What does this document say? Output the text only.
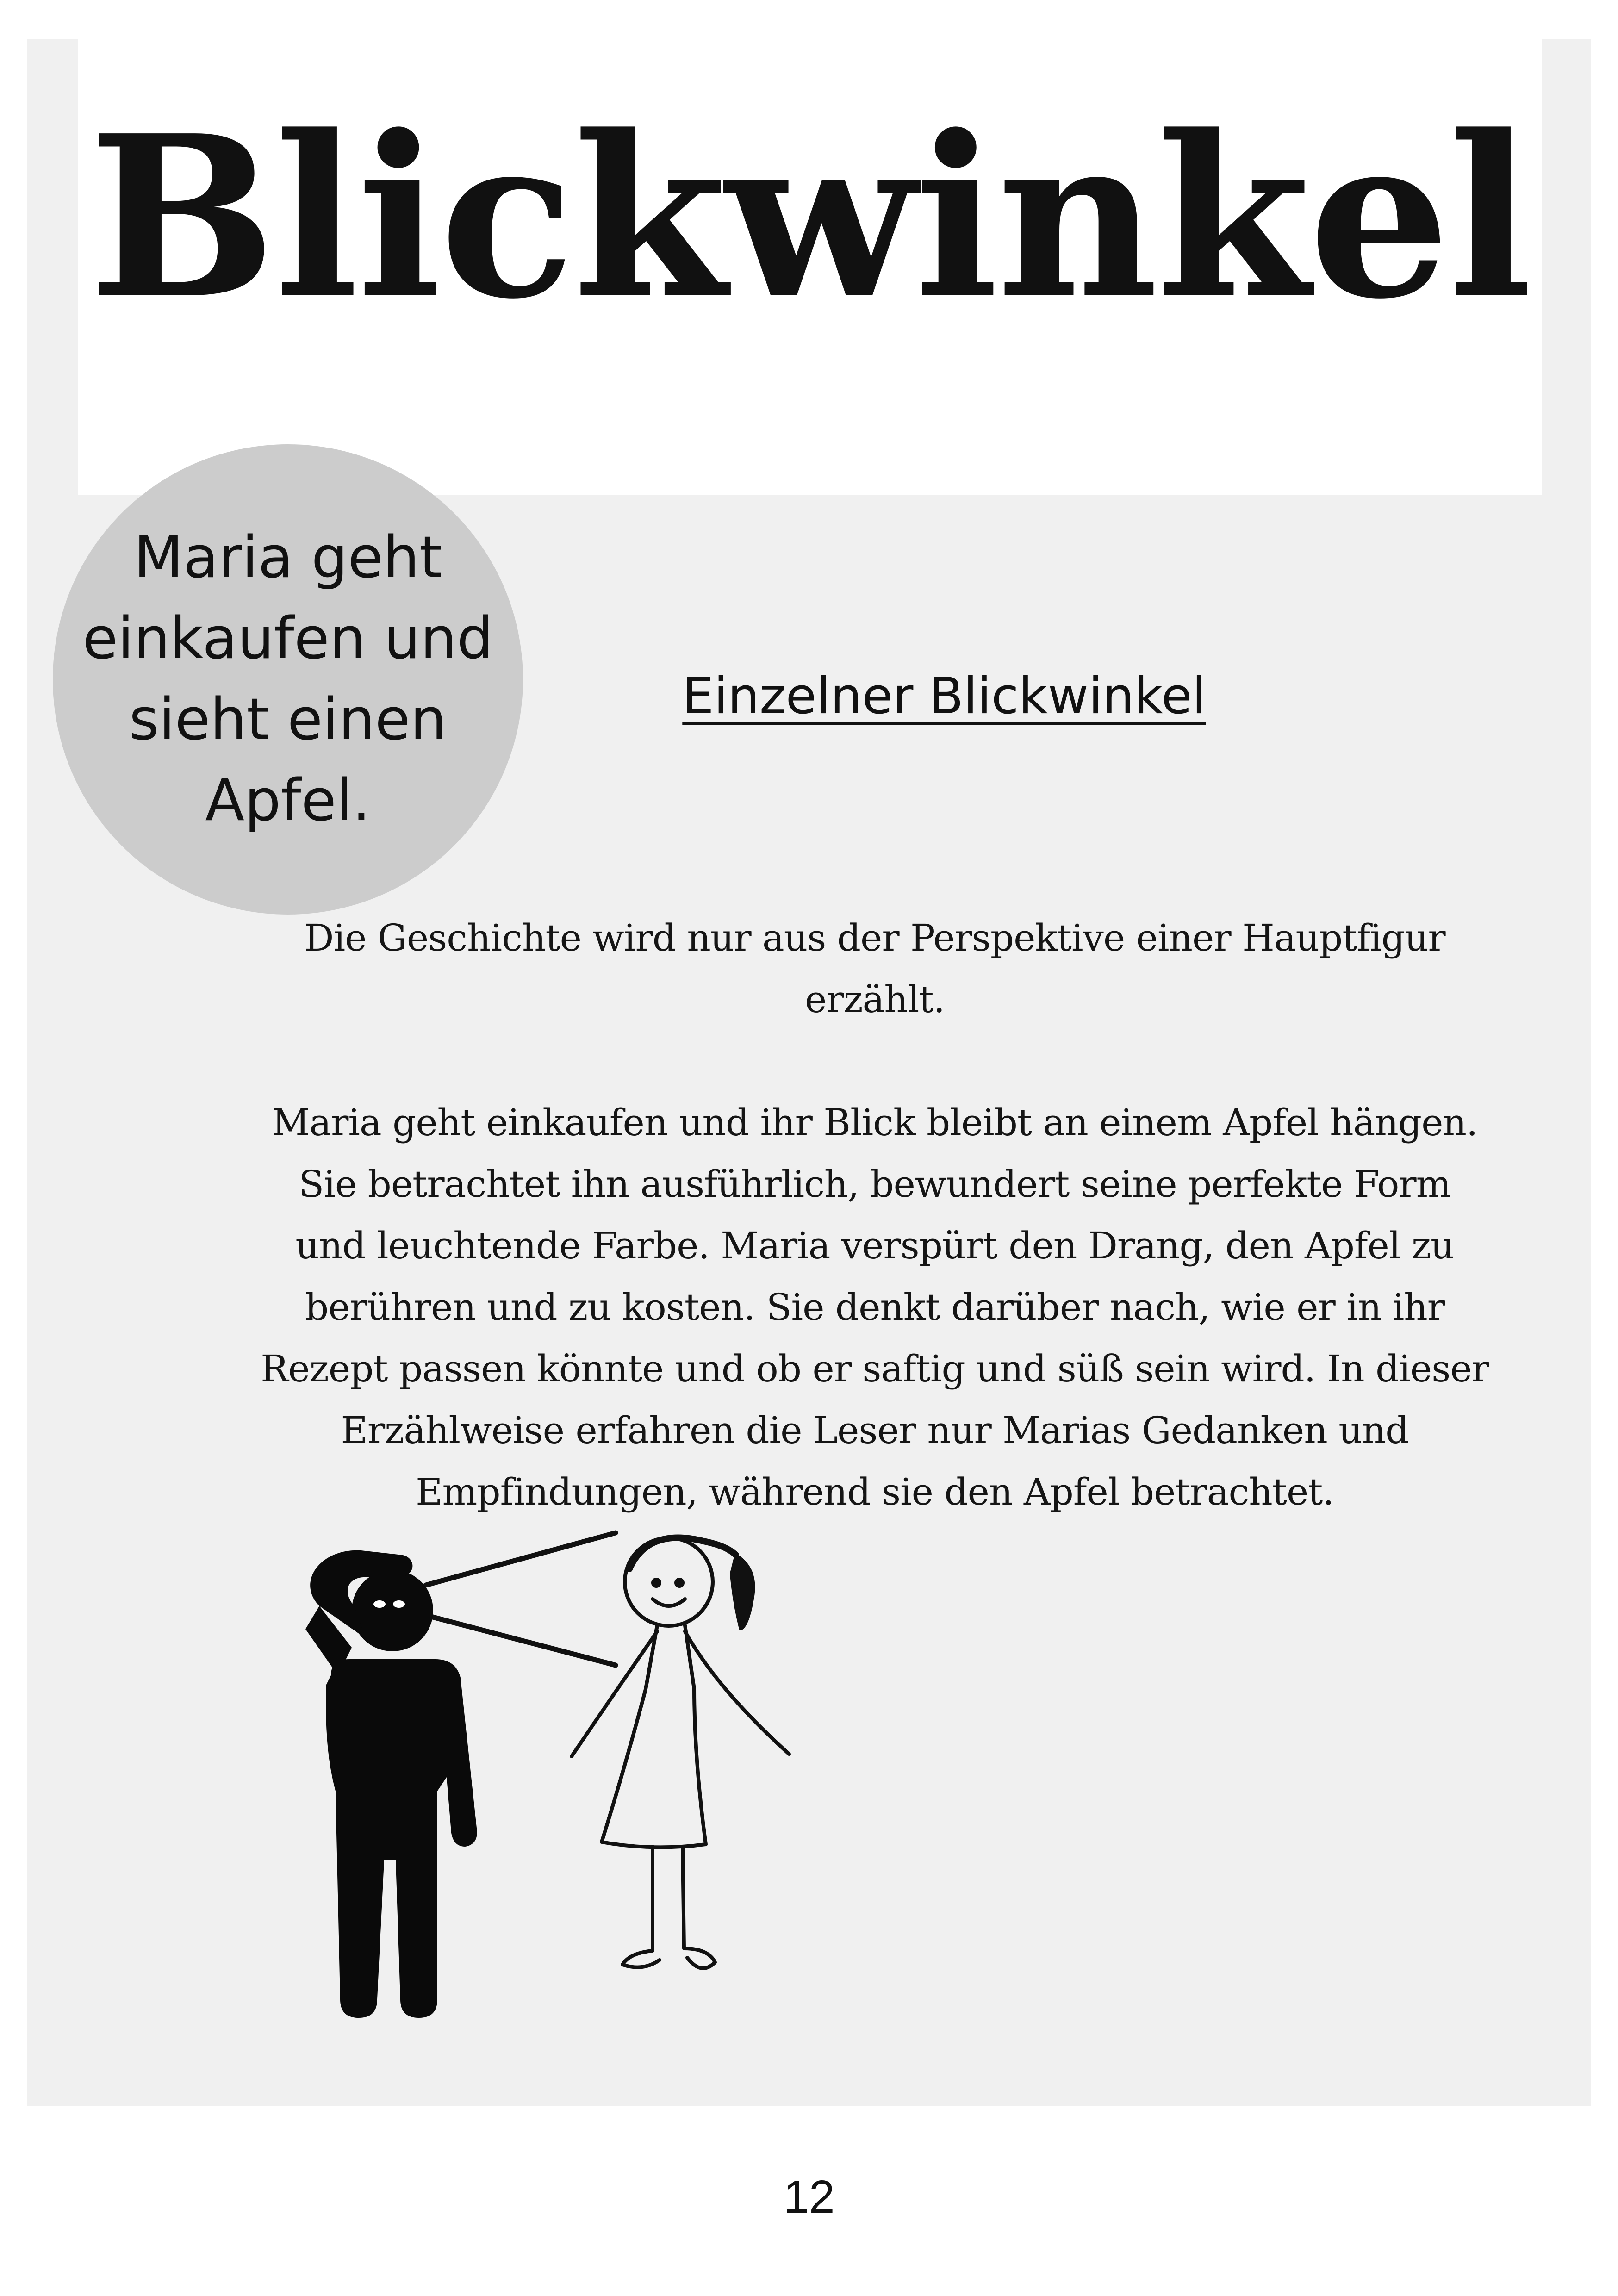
Blickwinkel
Maria geht einkaufen und sieht einen Apfel.
Einzelner Blickwinkel

Die Geschichte wird nur aus der Perspektive einer Hauptfigur erzählt.

Maria geht einkaufen und ihr Blick bleibt an einem Apfel hängen. Sie betrachtet ihn ausführlich, bewundert seine perfekte Form und leuchtende Farbe. Maria verspürt den Drang, den Apfel zu berühren und zu kosten. Sie denkt darüber nach, wie er in ihr Rezept passen könnte und ob er saftig und süß sein wird. In dieser Erzählweise erfahren die Leser nur Marias Gedanken und Empfindungen, während sie den Apfel betrachtet.

12
